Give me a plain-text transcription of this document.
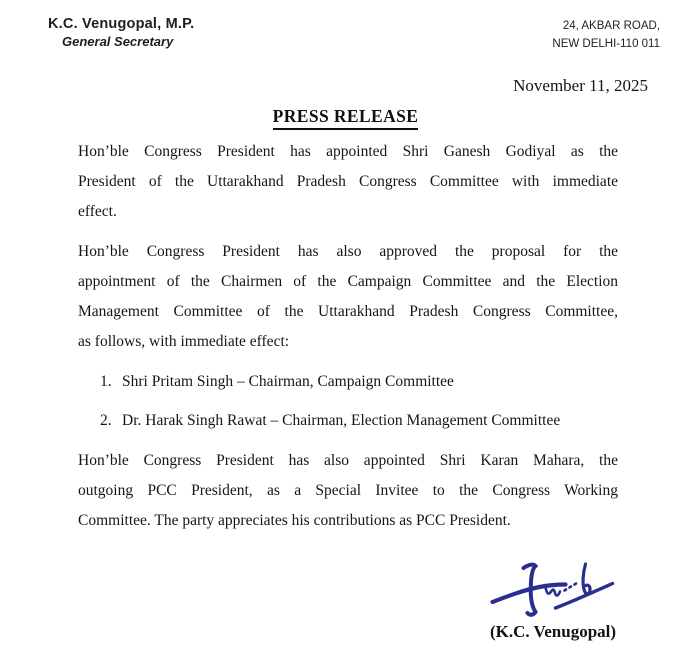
K.C. Venugopal, M.P.
General Secretary
24, AKBAR ROAD,
NEW DELHI-110 011
November 11, 2025
PRESS RELEASE
Hon’ble Congress President has appointed Shri Ganesh Godiyal as the
President of the Uttarakhand Pradesh Congress Committee with immediate
effect.
Hon’ble Congress President has also approved the proposal for the
appointment of the Chairmen of the Campaign Committee and the Election
Management Committee of the Uttarakhand Pradesh Congress Committee,
as follows, with immediate effect:
1. Shri Pritam Singh – Chairman, Campaign Committee
2. Dr. Harak Singh Rawat – Chairman, Election Management Committee
Hon’ble Congress President has also appointed Shri Karan Mahara, the
outgoing PCC President, as a Special Invitee to the Congress Working
Committee. The party appreciates his contributions as PCC President.
(K.C. Venugopal)
